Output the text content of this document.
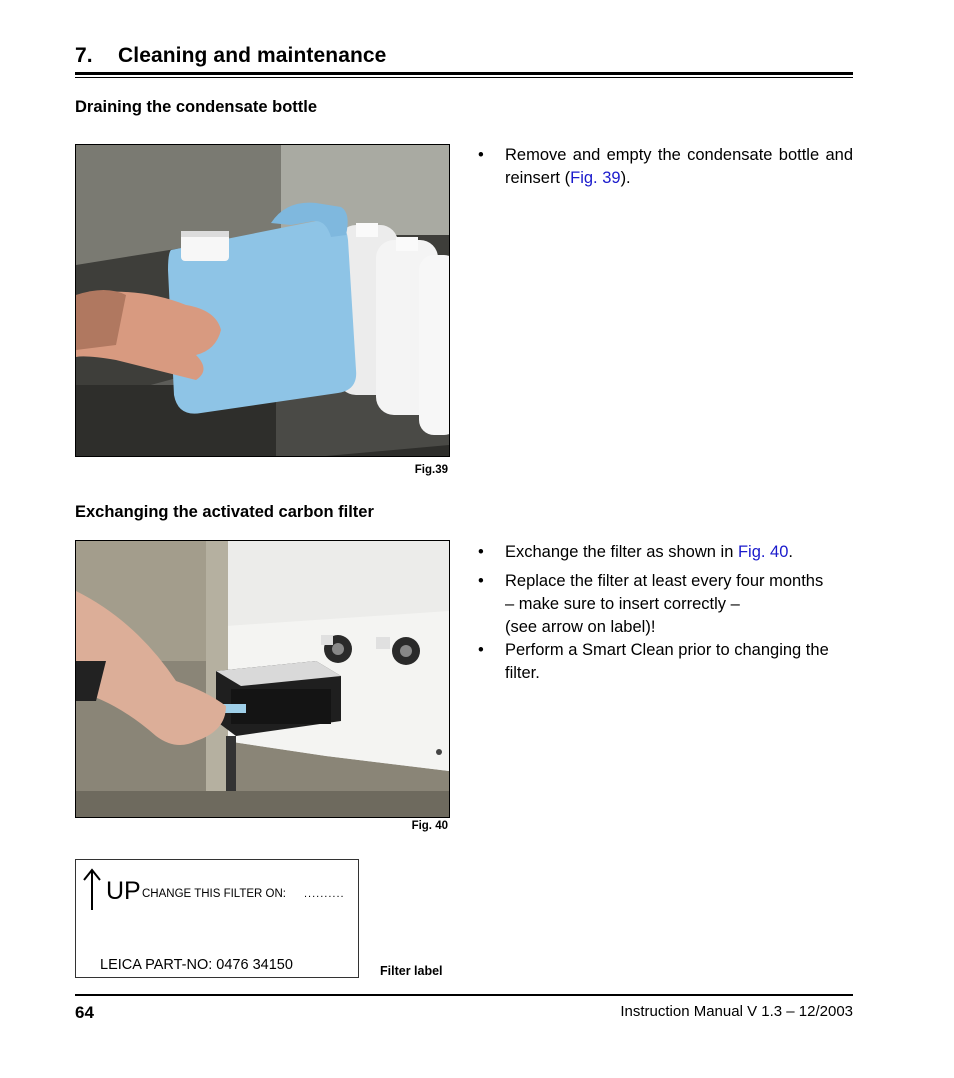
7. Cleaning and maintenance
Draining the condensate bottle
Fig.39
• Remove and empty the condensate bottle and reinsert (Fig. 39).
Exchanging the activated carbon filter
Fig. 40
• Exchange the filter as shown in Fig. 40.
• Replace the filter at least every four months
– make sure to insert correctly –
(see arrow on label)!
• Perform a Smart Clean prior to changing the filter.
UP CHANGE THIS FILTER ON: ..........
LEICA PART-NO: 0476 34150	Filter label
64	Instruction Manual V 1.3 – 12/2003
